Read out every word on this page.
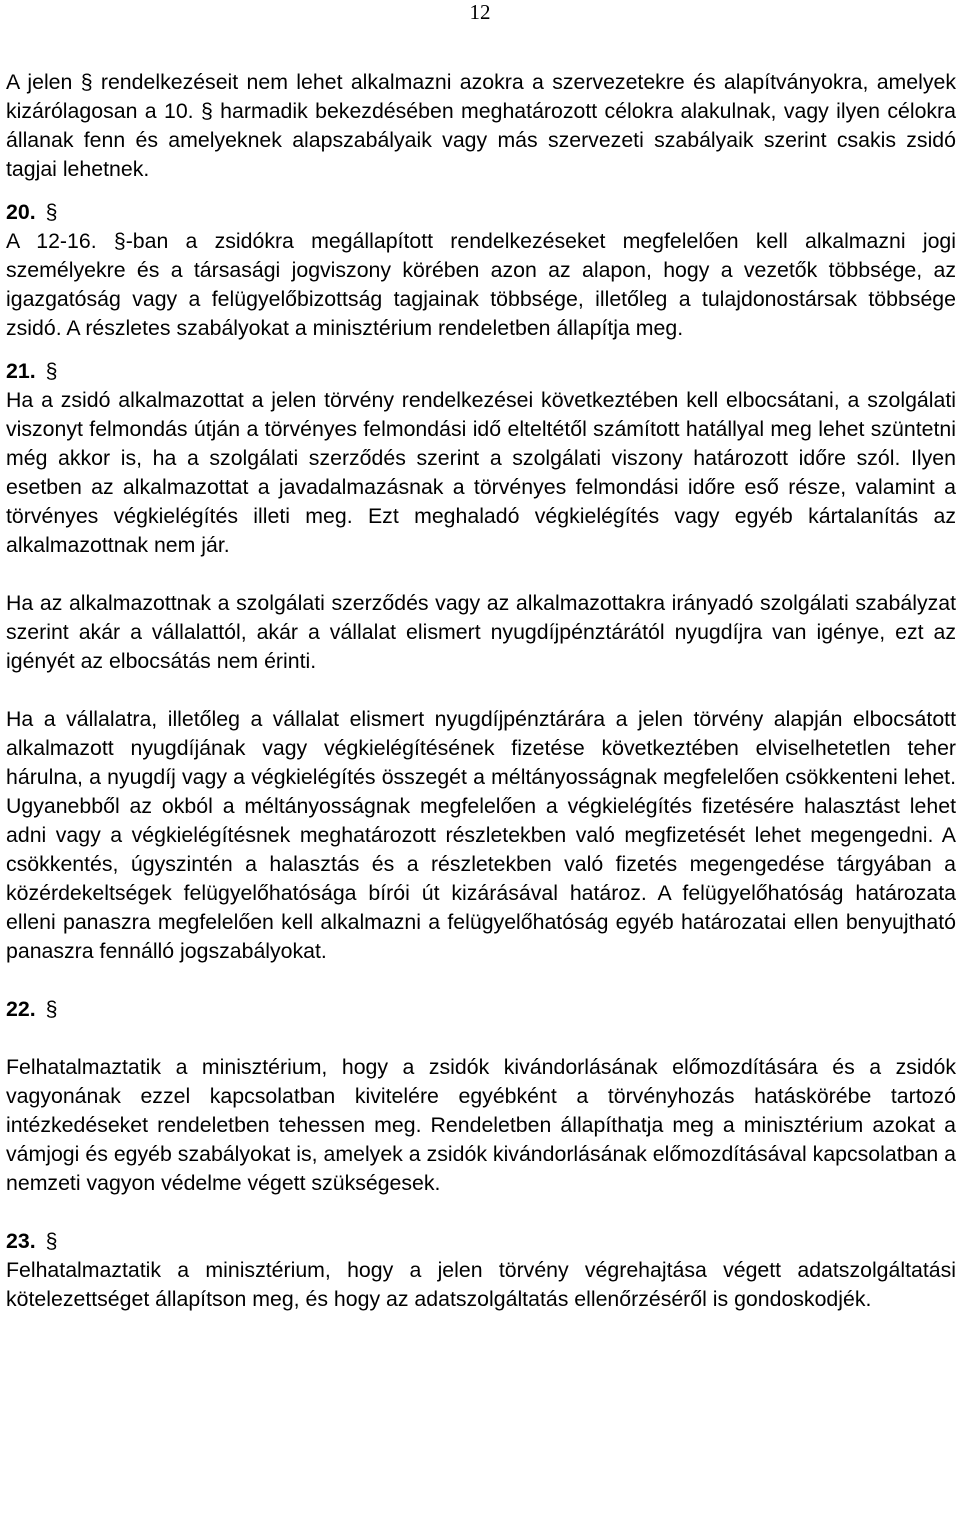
12

A jelen § rendelkezéseit nem lehet alkalmazni azokra a szervezetekre és alapítványokra, amelyek kizárólagosan a 10. § harmadik bekezdésében meghatározott célokra alakulnak, vagy ilyen célokra állanak fenn és amelyeknek alapszabályaik vagy más szervezeti szabályaik szerint csakis zsidó tagjai lehetnek.

20. §

A 12-16. §-ban a zsidókra megállapított rendelkezéseket megfelelően kell alkalmazni jogi személyekre és a társasági jogviszony körében azon az alapon, hogy a vezetők többsége, az igazgatóság vagy a felügyelőbizottság tagjainak többsége, illetőleg a tulajdonostársak többsége zsidó. A részletes szabályokat a minisztérium rendeletben állapítja meg.

21. §

Ha a zsidó alkalmazottat a jelen törvény rendelkezései következtében kell elbocsátani, a szolgálati viszonyt felmondás útján a törvényes felmondási idő elteltétől számított hatállyal meg lehet szüntetni még akkor is, ha a szolgálati szerződés szerint a szolgálati viszony határozott időre szól. Ilyen esetben az alkalmazottat a javadalmazásnak a törvényes felmondási időre eső része, valamint a törvényes végkielégítés illeti meg. Ezt meghaladó végkielégítés vagy egyéb kártalanítás az alkalmazottnak nem jár.

Ha az alkalmazottnak a szolgálati szerződés vagy az alkalmazottakra irányadó szolgálati szabályzat szerint akár a vállalattól, akár a vállalat elismert nyugdíjpénztárától nyugdíjra van igénye, ezt az igényét az elbocsátás nem érinti.

Ha a vállalatra, illetőleg a vállalat elismert nyugdíjpénztárára a jelen törvény alapján elbocsátott alkalmazott nyugdíjának vagy végkielégítésének fizetése következtében elviselhetetlen teher hárulna, a nyugdíj vagy a végkielégítés összegét a méltányosságnak megfelelően csökkenteni lehet. Ugyanebből az okból a méltányosságnak megfelelően a végkielégítés fizetésére halasztást lehet adni vagy a végkielégítésnek meghatározott részletekben való megfizetését lehet megengedni. A csökkentés, úgyszintén a halasztás és a részletekben való fizetés megengedése tárgyában a közérdekeltségek felügyelőhatósága bírói út kizárásával határoz. A felügyelőhatóság határozata elleni panaszra megfelelően kell alkalmazni a felügyelőhatóság egyéb határozatai ellen benyujtható panaszra fennálló jogszabályokat.

22. §

Felhatalmaztatik a minisztérium, hogy a zsidók kivándorlásának előmozdítására és a zsidók vagyonának ezzel kapcsolatban kivitelére egyébként a törvényhozás hatáskörébe tartozó intézkedéseket rendeletben tehessen meg. Rendeletben állapíthatja meg a minisztérium azokat a vámjogi és egyéb szabályokat is, amelyek a zsidók kivándorlásának előmozdításával kapcsolatban a nemzeti vagyon védelme végett szükségesek.

23. §

Felhatalmaztatik a minisztérium, hogy a jelen törvény végrehajtása végett adatszolgáltatási kötelezettséget állapítson meg, és hogy az adatszolgáltatás ellenőrzéséről is gondoskodjék.
